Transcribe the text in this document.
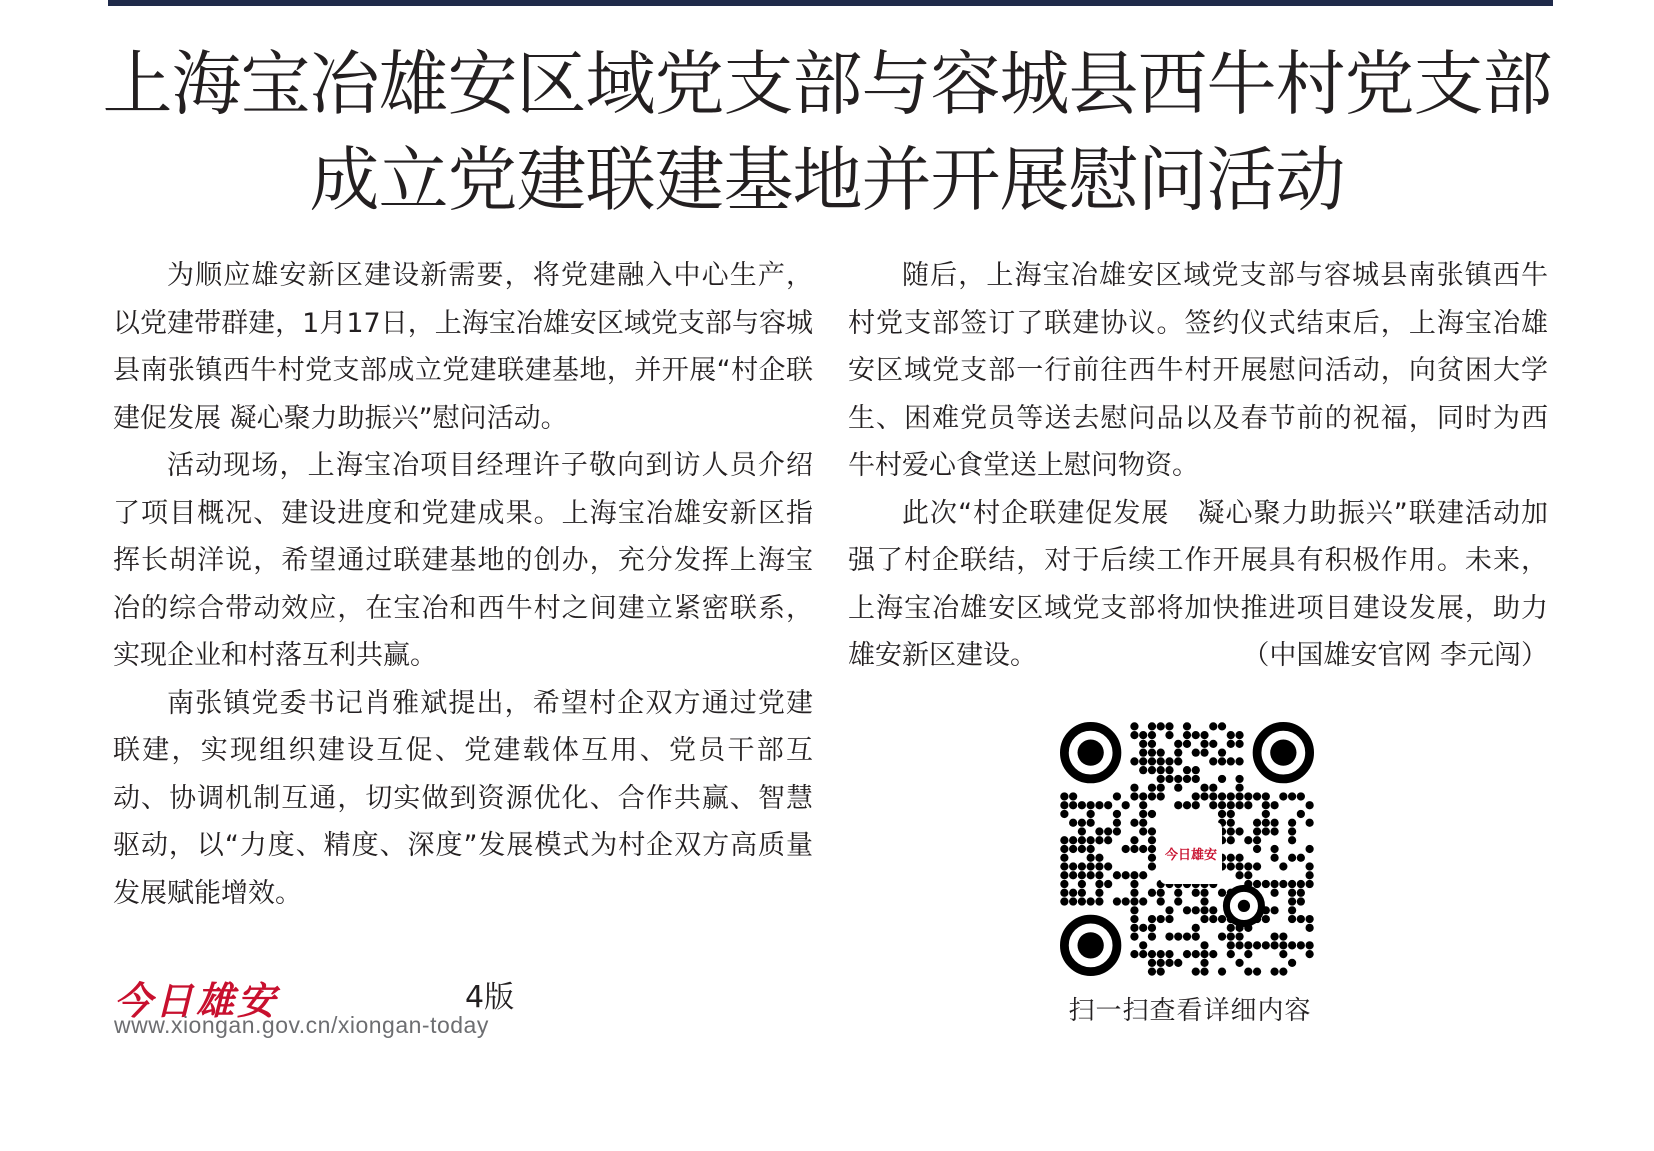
上海宝冶雄安区域党支部与容城县西牛村党支部
成立党建联建基地并开展慰问活动

为顺应雄安新区建设新需要，将党建融入中心生产，以党建带群建，1月17日，上海宝冶雄安区域党支部与容城县南张镇西牛村党支部成立党建联建基地，并开展“村企联建促发展 凝心聚力助振兴”慰问活动。

活动现场，上海宝冶项目经理许子敬向到访人员介绍了项目概况、建设进度和党建成果。上海宝冶雄安新区指挥长胡洋说，希望通过联建基地的创办，充分发挥上海宝冶的综合带动效应，在宝冶和西牛村之间建立紧密联系，实现企业和村落互利共赢。

南张镇党委书记肖雅斌提出，希望村企双方通过党建联建，实现组织建设互促、党建载体互用、党员干部互动、协调机制互通，切实做到资源优化、合作共赢、智慧驱动，以“力度、精度、深度”发展模式为村企双方高质量发展赋能增效。

随后，上海宝冶雄安区域党支部与容城县南张镇西牛村党支部签订了联建协议。签约仪式结束后，上海宝冶雄安区域党支部一行前往西牛村开展慰问活动，向贫困大学生、困难党员等送去慰问品以及春节前的祝福，同时为西牛村爱心食堂送上慰问物资。

此次“村企联建促发展　凝心聚力助振兴”联建活动加强了村企联结，对于后续工作开展具有积极作用。未来，上海宝冶雄安区域党支部将加快推进项目建设发展，助力雄安新区建设。	（中国雄安官网 李元闯）

今日雄安
扫一扫查看详细内容
今日雄安	4版
www.xiongan.gov.cn/xiongan-today
